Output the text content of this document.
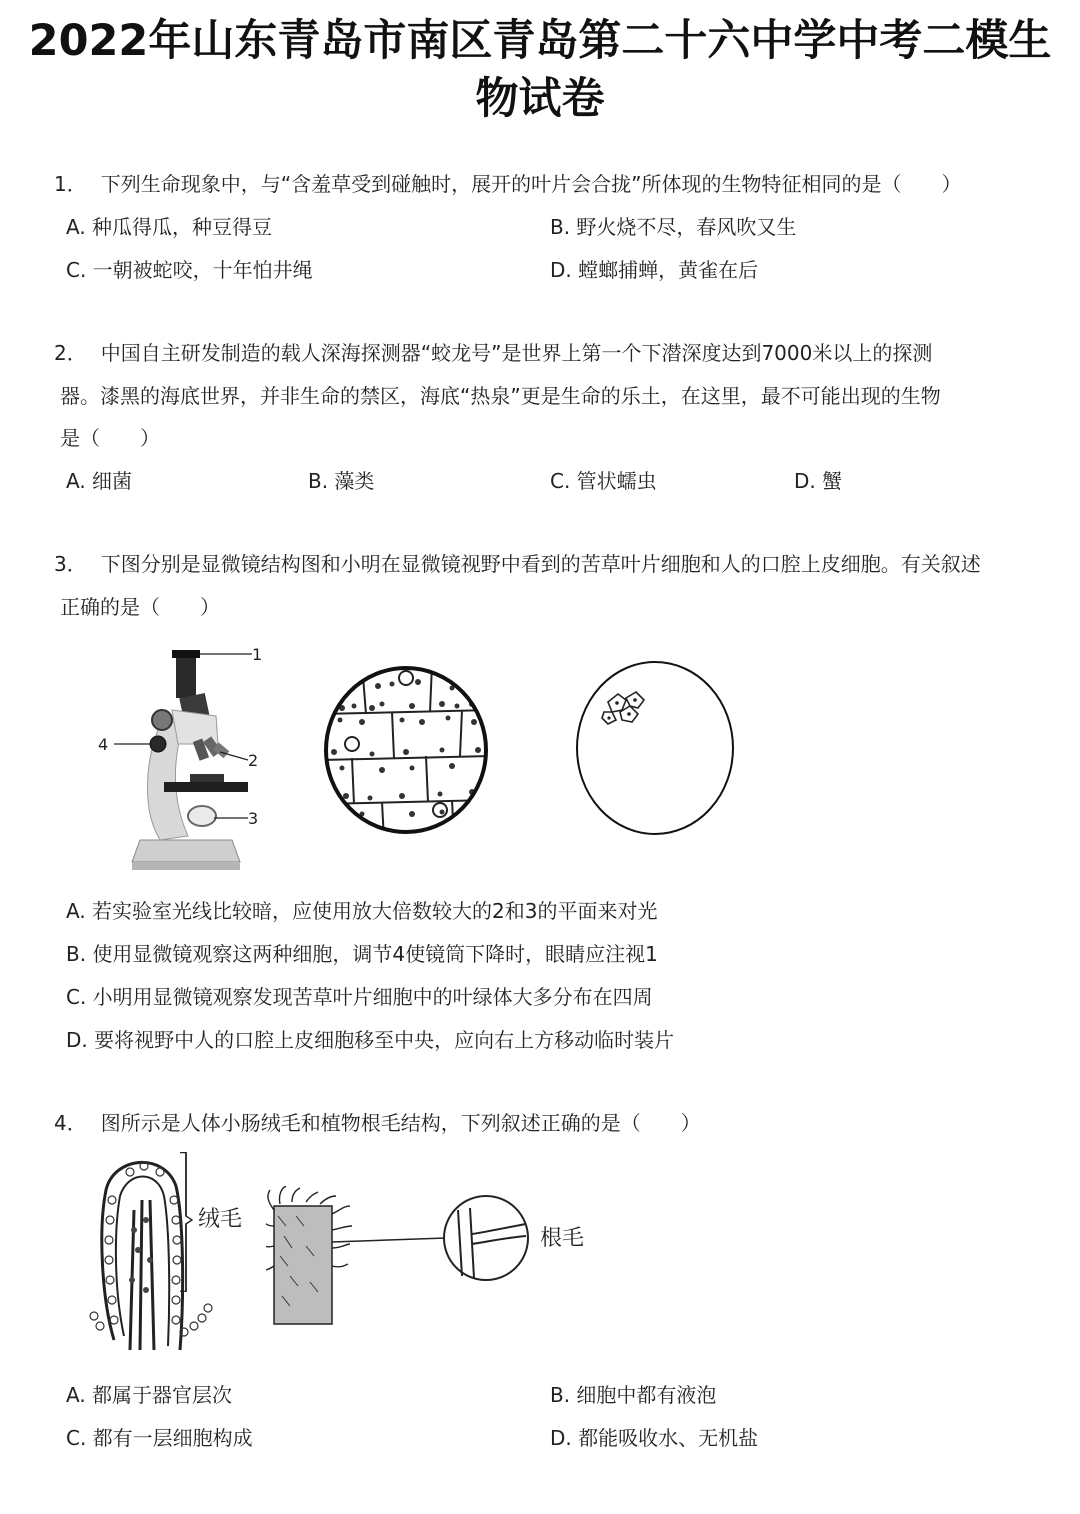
2022年山东青岛市南区青岛第二十六中学中考二模生
物试卷
1． 下列生命现象中，与“含羞草受到碰触时，展开的叶片会合拢”所体现的生物特征相同的是（　　）
A. 种瓜得瓜，种豆得豆	B. 野火烧不尽，春风吹又生
C. 一朝被蛇咬，十年怕井绳	D. 螳螂捕蝉，黄雀在后
2． 中国自主研发制造的载人深海探测器“蛟龙号”是世界上第一个下潜深度达到7000米以上的探测
器。漆黑的海底世界，并非生命的禁区，海底“热泉”更是生命的乐土，在这里，最不可能出现的生物
是（　　）
A. 细菌	B. 藻类	C. 管状蠕虫	D. 蟹
3． 下图分别是显微镜结构图和小明在显微镜视野中看到的苦草叶片细胞和人的口腔上皮细胞。有关叙述
正确的是（　　）
1
2
3
4
A. 若实验室光线比较暗，应使用放大倍数较大的2和3的平面来对光
B. 使用显微镜观察这两种细胞，调节4使镜筒下降时，眼睛应注视1
C. 小明用显微镜观察发现苦草叶片细胞中的叶绿体大多分布在四周
D. 要将视野中人的口腔上皮细胞移至中央，应向右上方移动临时装片
4． 图所示是人体小肠绒毛和植物根毛结构，下列叙述正确的是（　　）
绒毛
根毛
A. 都属于器官层次	B. 细胞中都有液泡
C. 都有一层细胞构成	D. 都能吸收水、无机盐
